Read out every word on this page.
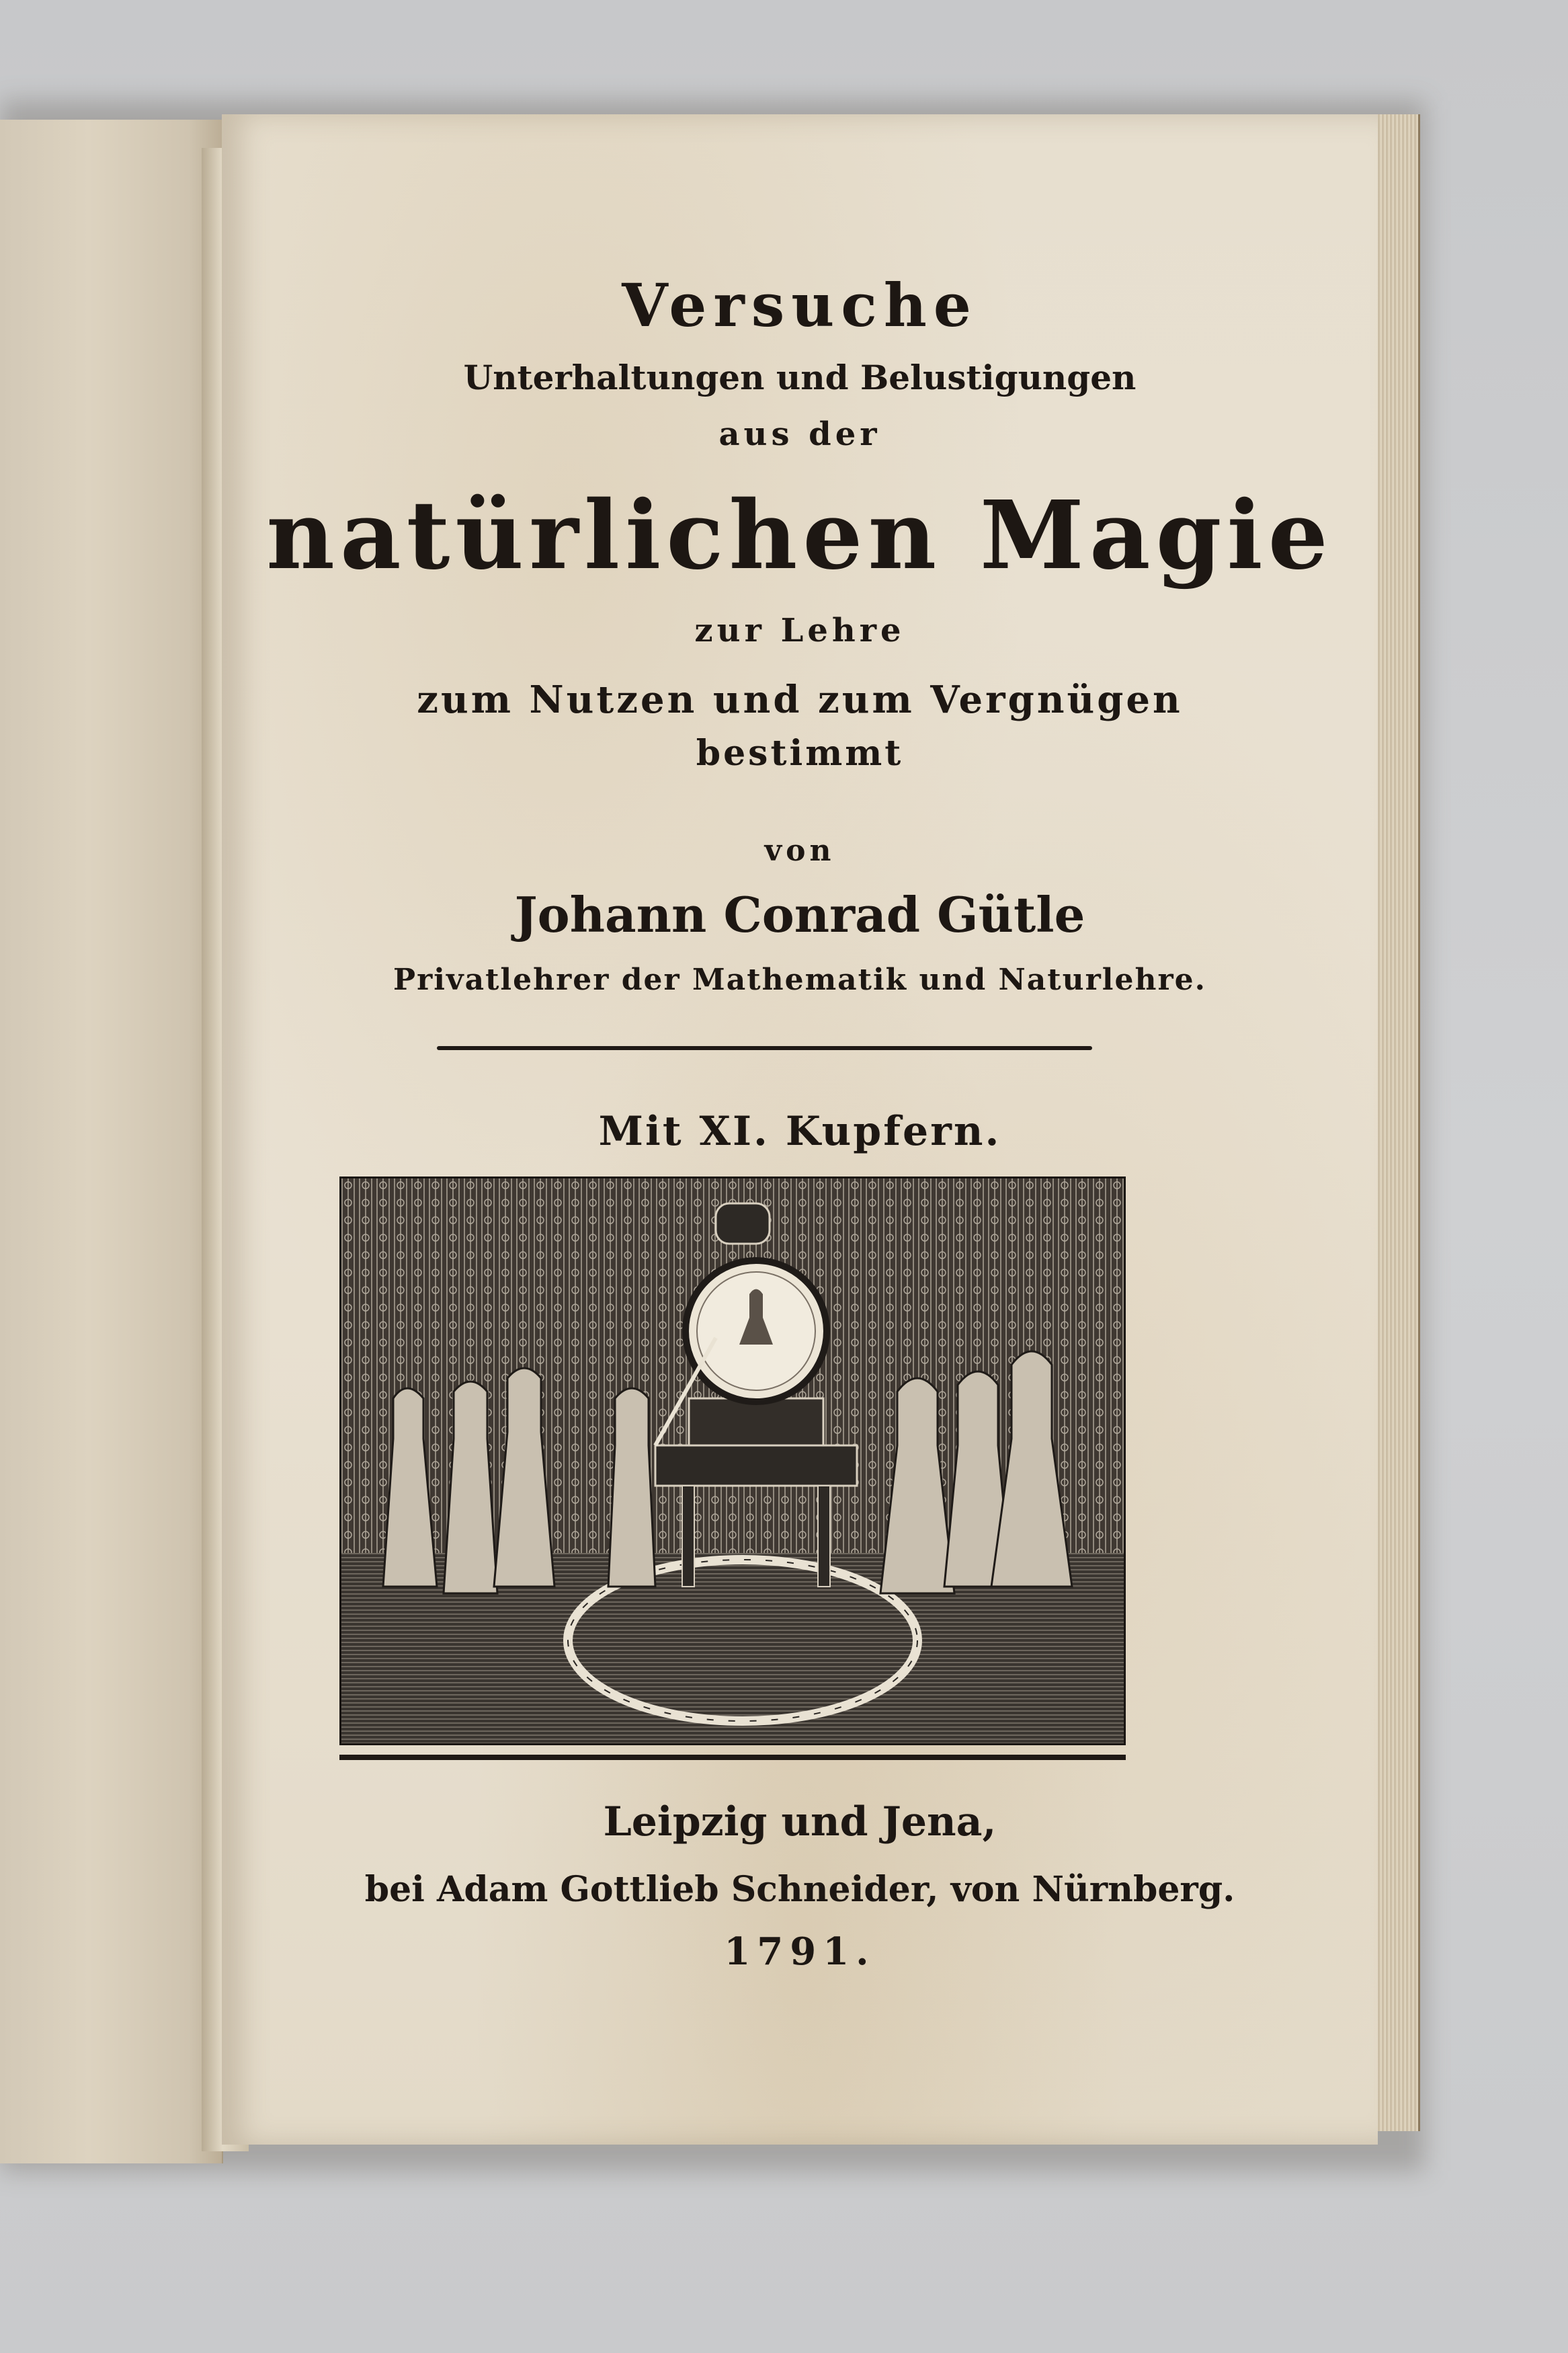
Versuche
Unterhaltungen und Belustigungen
aus der
natürlichen Magie
zur Lehre
zum Nutzen und zum Vergnügen
bestimmt
von
Johann Conrad Gütle
Privatlehrer der Mathematik und Naturlehre.
Mit XI. Kupfern.
Leipzig und Jena,
bei Adam Gottlieb Schneider, von Nürnberg.
1791.
